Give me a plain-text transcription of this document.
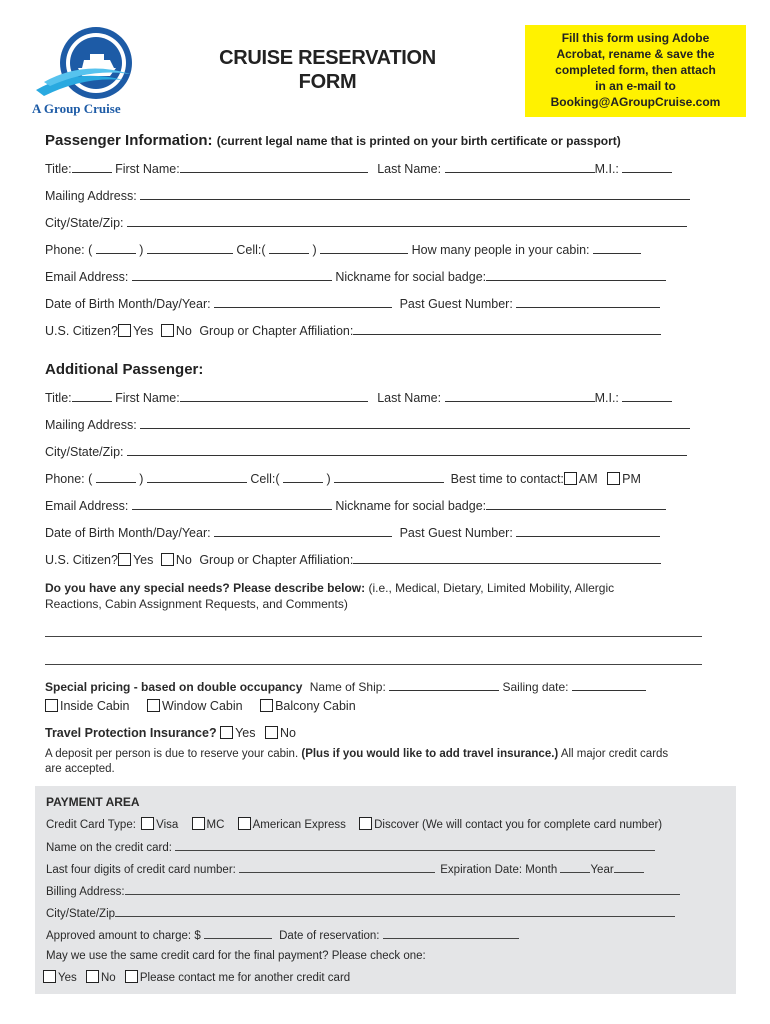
A Group Cruise
CRUISE RESERVATION
FORM
Fill this form using Adobe
Acrobat, rename & save the
completed form, then attach
in an e-mail to
Booking@AGroupCruise.com
Passenger Information: (current legal name that is printed on your birth certificate or passport)
Title:	First Name:	Last Name:	M.I.:
Mailing Address:
City/State/Zip:
Phone: (	)	Cell:(	)	How many people in your cabin:
Email Address:	Nickname for social badge:
Date of Birth Month/Day/Year:	Past Guest Number:
U.S. Citizen? Yes No Group or Chapter Affiliation:
Additional Passenger:
Title:	First Name:	Last Name:	M.I.:
Mailing Address:
City/State/Zip:
Phone: (	)	Cell:(	)	Best time to contact: AM PM
Email Address:	Nickname for social badge:
Date of Birth Month/Day/Year:	Past Guest Number:
U.S. Citizen? Yes No Group or Chapter Affiliation:
Do you have any special needs? Please describe below: (i.e., Medical, Dietary, Limited Mobility, Allergic
Reactions, Cabin Assignment Requests, and Comments)
Special pricing - based on double occupancy Name of Ship:	Sailing date:
Inside Cabin	Window Cabin	Balcony Cabin
Travel Protection Insurance? Yes No
A deposit per person is due to reserve your cabin. (Plus if you would like to add travel insurance.) All major credit cards
are accepted.
PAYMENT AREA
Credit Card Type: Visa MC American Express Discover (We will contact you for complete card number)
Name on the credit card:
Last four digits of credit card number:	Expiration Date: Month	Year
Billing Address:
City/State/Zip
Approved amount to charge: $	Date of reservation:
May we use the same credit card for the final payment? Please check one:
Yes No Please contact me for another credit card
